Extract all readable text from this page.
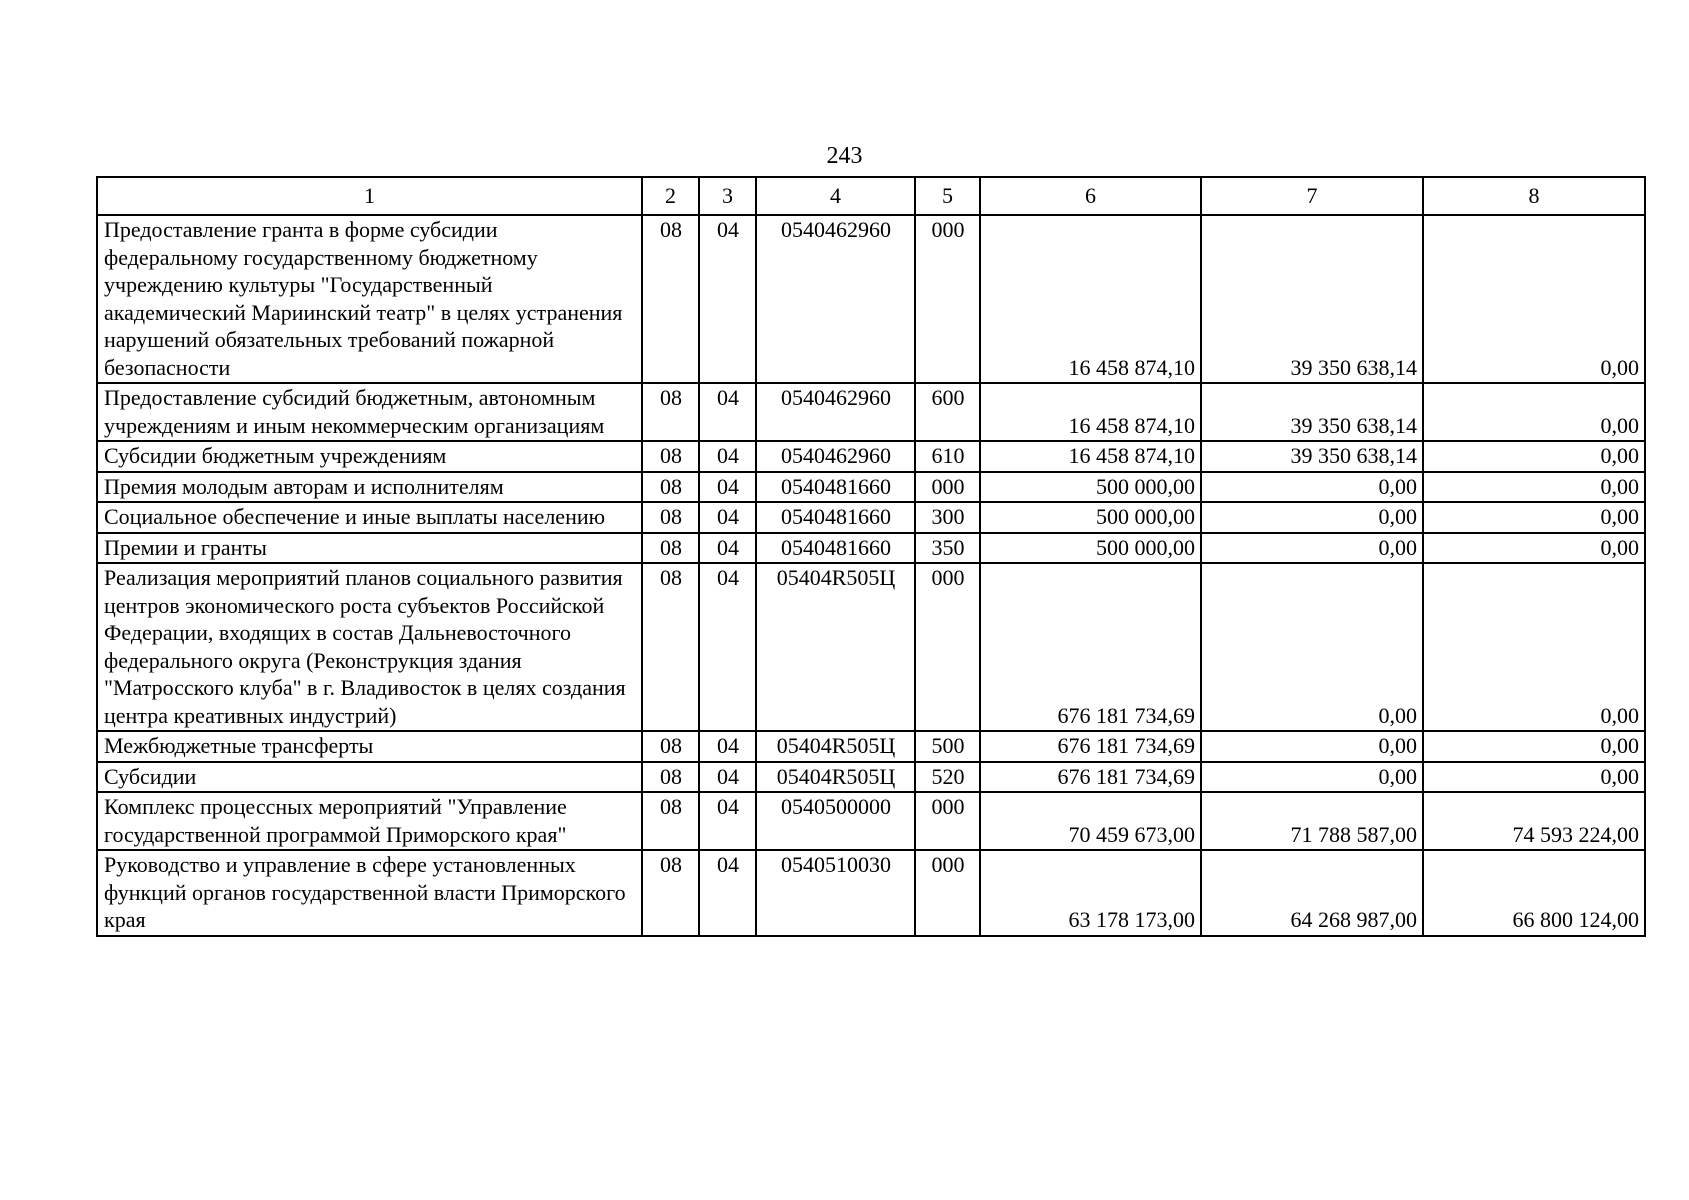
243
1	2	3	4	5	6	7	8
Предоставление гранта в форме субсидии федеральному государственному бюджетному учреждению культуры "Государственный академический Мариинский театр" в целях устранения нарушений обязательных требований пожарной безопасности	08	04	0540462960	000	16 458 874,10	39 350 638,14	0,00
Предоставление субсидий бюджетным, автономным учреждениям и иным некоммерческим организациям	08	04	0540462960	600	16 458 874,10	39 350 638,14	0,00
Субсидии бюджетным учреждениям	08	04	0540462960	610	16 458 874,10	39 350 638,14	0,00
Премия молодым авторам и исполнителям	08	04	0540481660	000	500 000,00	0,00	0,00
Социальное обеспечение и иные выплаты населению	08	04	0540481660	300	500 000,00	0,00	0,00
Премии и гранты	08	04	0540481660	350	500 000,00	0,00	0,00
Реализация мероприятий планов социального развития центров экономического роста субъектов Российской Федерации, входящих в состав Дальневосточного федерального округа (Реконструкция здания "Матросского клуба" в г. Владивосток в целях создания центра креативных индустрий)	08	04	05404R505Ц	000	676 181 734,69	0,00	0,00
Межбюджетные трансферты	08	04	05404R505Ц	500	676 181 734,69	0,00	0,00
Субсидии	08	04	05404R505Ц	520	676 181 734,69	0,00	0,00
Комплекс процессных мероприятий "Управление государственной программой Приморского края"	08	04	0540500000	000	70 459 673,00	71 788 587,00	74 593 224,00
Руководство и управление в сфере установленных функций органов государственной власти Приморского края	08	04	0540510030	000	63 178 173,00	64 268 987,00	66 800 124,00
